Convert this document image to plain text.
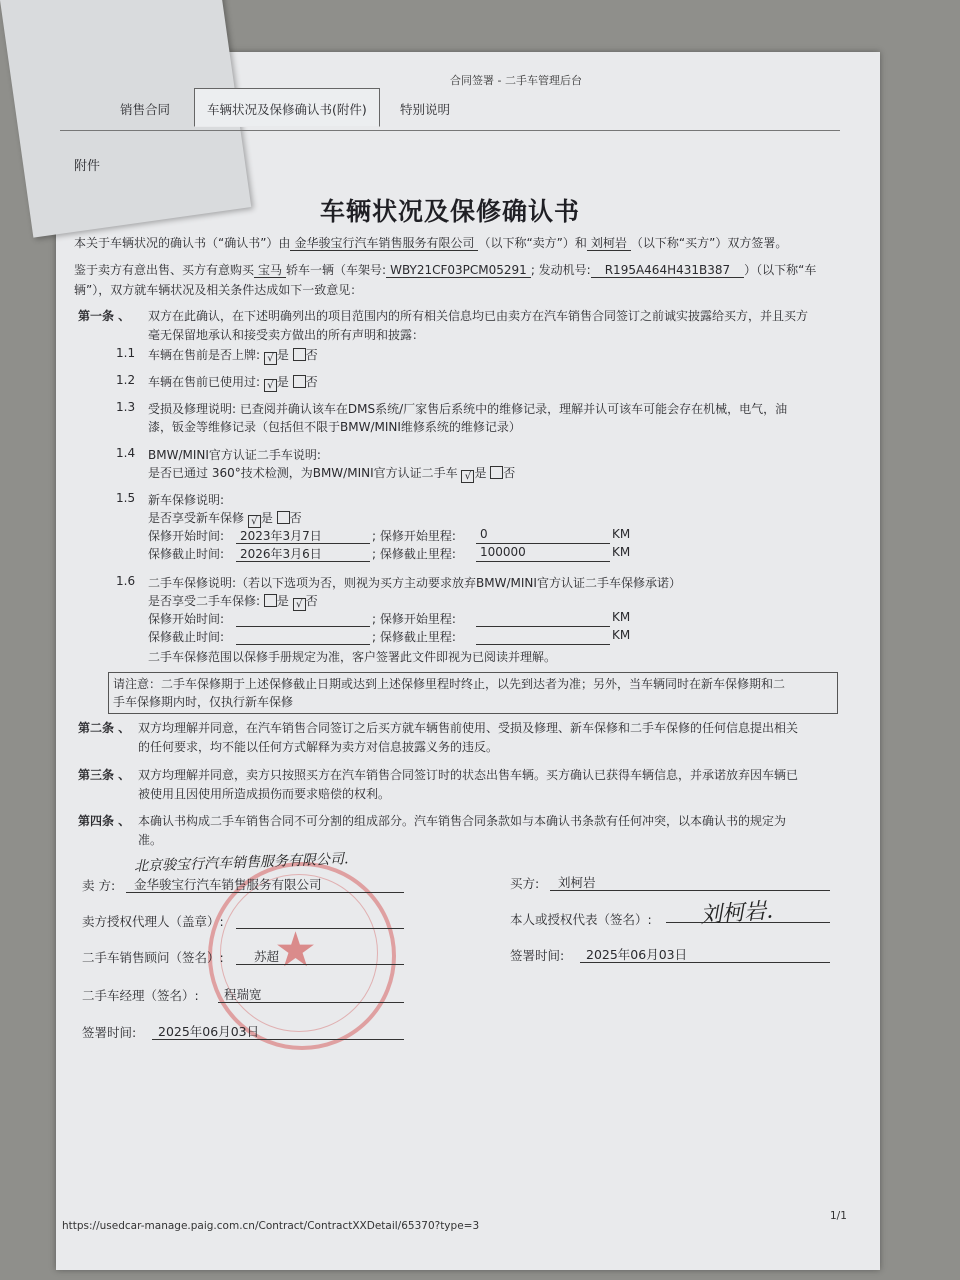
合同签署 - 二手车管理后台
销售合同	车辆状况及保修确认书(附件)	特别说明
附件
车辆状况及保修确认书
本关于车辆状况的确认书（“确认书”）由 金华骏宝行汽车销售服务有限公司 （以下称“卖方”）和 刘柯岩 （以下称“买方”）双方签署。
鉴于卖方有意出售、买方有意购买 宝马 轿车一辆（车架号: WBY21CF03PCM05291 ; 发动机号: R195A464H431B387 ）（以下称“车
辆”），双方就车辆状况及相关条件达成如下一致意见：
第一条 、 双方在此确认，在下述明确列出的项目范围内的所有相关信息均已由卖方在汽车销售合同签订之前诚实披露给买方，并且买方
毫无保留地承认和接受卖方做出的所有声明和披露：
1.1 车辆在售前是否上牌: √ 是 否
1.2 车辆在售前已使用过: √ 是 否
1.3 受损及修理说明: 已查阅并确认该车在DMS系统/厂家售后系统中的维修记录，理解并认可该车可能会存在机械，电气，油
漆，钣金等维修记录（包括但不限于BMW/MINI维修系统的维修记录）
1.4 BMW/MINI官方认证二手车说明:
是否已通过 360°技术检测，为BMW/MINI官方认证二手车 √ 是 否
1.5 新车保修说明:
是否享受新车保修 √ 是 否
保修开始时间: 2023年3月7日	; 保修开始里程: 0	KM
保修截止时间: 2026年3月6日	; 保修截止里程: 100000	KM
1.6 二手车保修说明:（若以下选项为否，则视为买方主动要求放弃BMW/MINI官方认证二手车保修承诺）
是否享受二手车保修: 是 √ 否
保修开始时间:	; 保修开始里程:	KM
保修截止时间:	; 保修截止里程:	KM
二手车保修范围以保修手册规定为准，客户签署此文件即视为已阅读并理解。
请注意：二手车保修期于上述保修截止日期或达到上述保修里程时终止，以先到达者为准；另外，当车辆同时在新车保修期和二
手车保修期内时，仅执行新车保修
第二条 、 双方均理解并同意，在汽车销售合同签订之后买方就车辆售前使用、受损及修理、新车保修和二手车保修的任何信息提出相关
的任何要求，均不能以任何方式解释为卖方对信息披露义务的违反。
第三条 、 双方均理解并同意，卖方只按照买方在汽车销售合同签订时的状态出售车辆。买方确认已获得车辆信息，并承诺放弃因车辆已
被使用且因使用所造成损伤而要求赔偿的权利。
第四条 、 本确认书构成二手车销售合同不可分割的组成部分。汽车销售合同条款如与本确认书条款有任何冲突，以本确认书的规定为
准。
★
北京骏宝行汽车销售服务有限公司.
卖 方: 金华骏宝行汽车销售服务有限公司
卖方授权代理人（盖章）:
二手车销售顾问（签名）: 苏超
二手车经理（签名）: 程瑞宽
签署时间: 2025年06月03日
买方: 刘柯岩
本人或授权代表（签名）: 刘柯岩.
签署时间: 2025年06月03日
https://usedcar-manage.paig.com.cn/Contract/ContractXXDetail/65370?type=3
1/1
